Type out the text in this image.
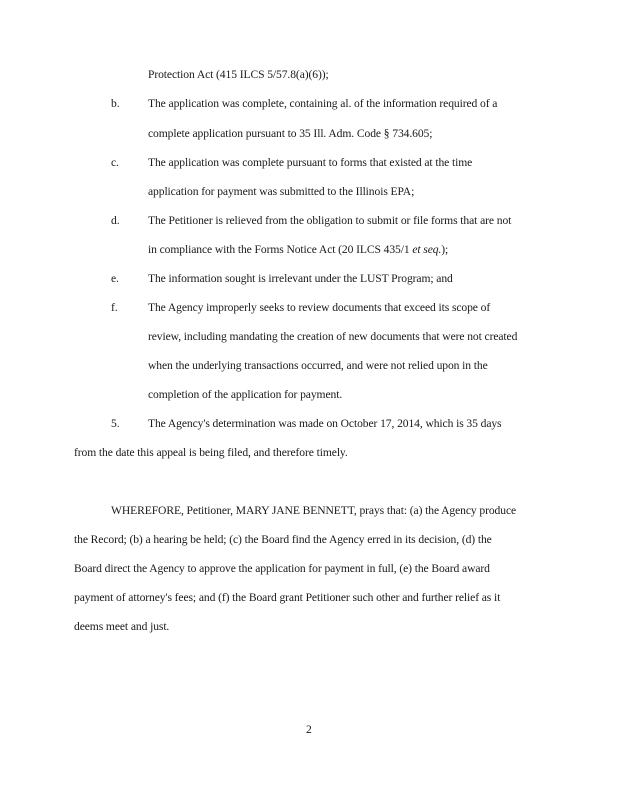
Protection Act (415 ILCS 5/57.8(a)(6));
b. The application was complete, containing al. of the information required of a
complete application pursuant to 35 Ill. Adm. Code § 734.605;
c.	The application was complete pursuant to forms that existed at the time
application for payment was submitted to the Illinois EPA;
d. The Petitioner is relieved from the obligation to submit or file forms that are not
in compliance with the Forms Notice Act (20 ILCS 435/1 et seq.);
e.	The information sought is irrelevant under the LUST Program; and
f.	The Agency improperly seeks to review documents that exceed its scope of
review, including mandating the creation of new documents that were not created
when the underlying transactions occurred, and were not relied upon in the
completion of the application for payment.
5. The Agency's determination was made on October 17, 2014, which is 35 days
from the date this appeal is being filed, and therefore timely.
WHEREFORE, Petitioner, MARY JANE BENNETT, prays that: (a) the Agency produce
the Record; (b) a hearing be held; (c) the Board find the Agency erred in its decision, (d) the
Board direct the Agency to approve the application for payment in full, (e) the Board award
payment of attorney's fees; and (f) the Board grant Petitioner such other and further relief as it
deems meet and just.
2
